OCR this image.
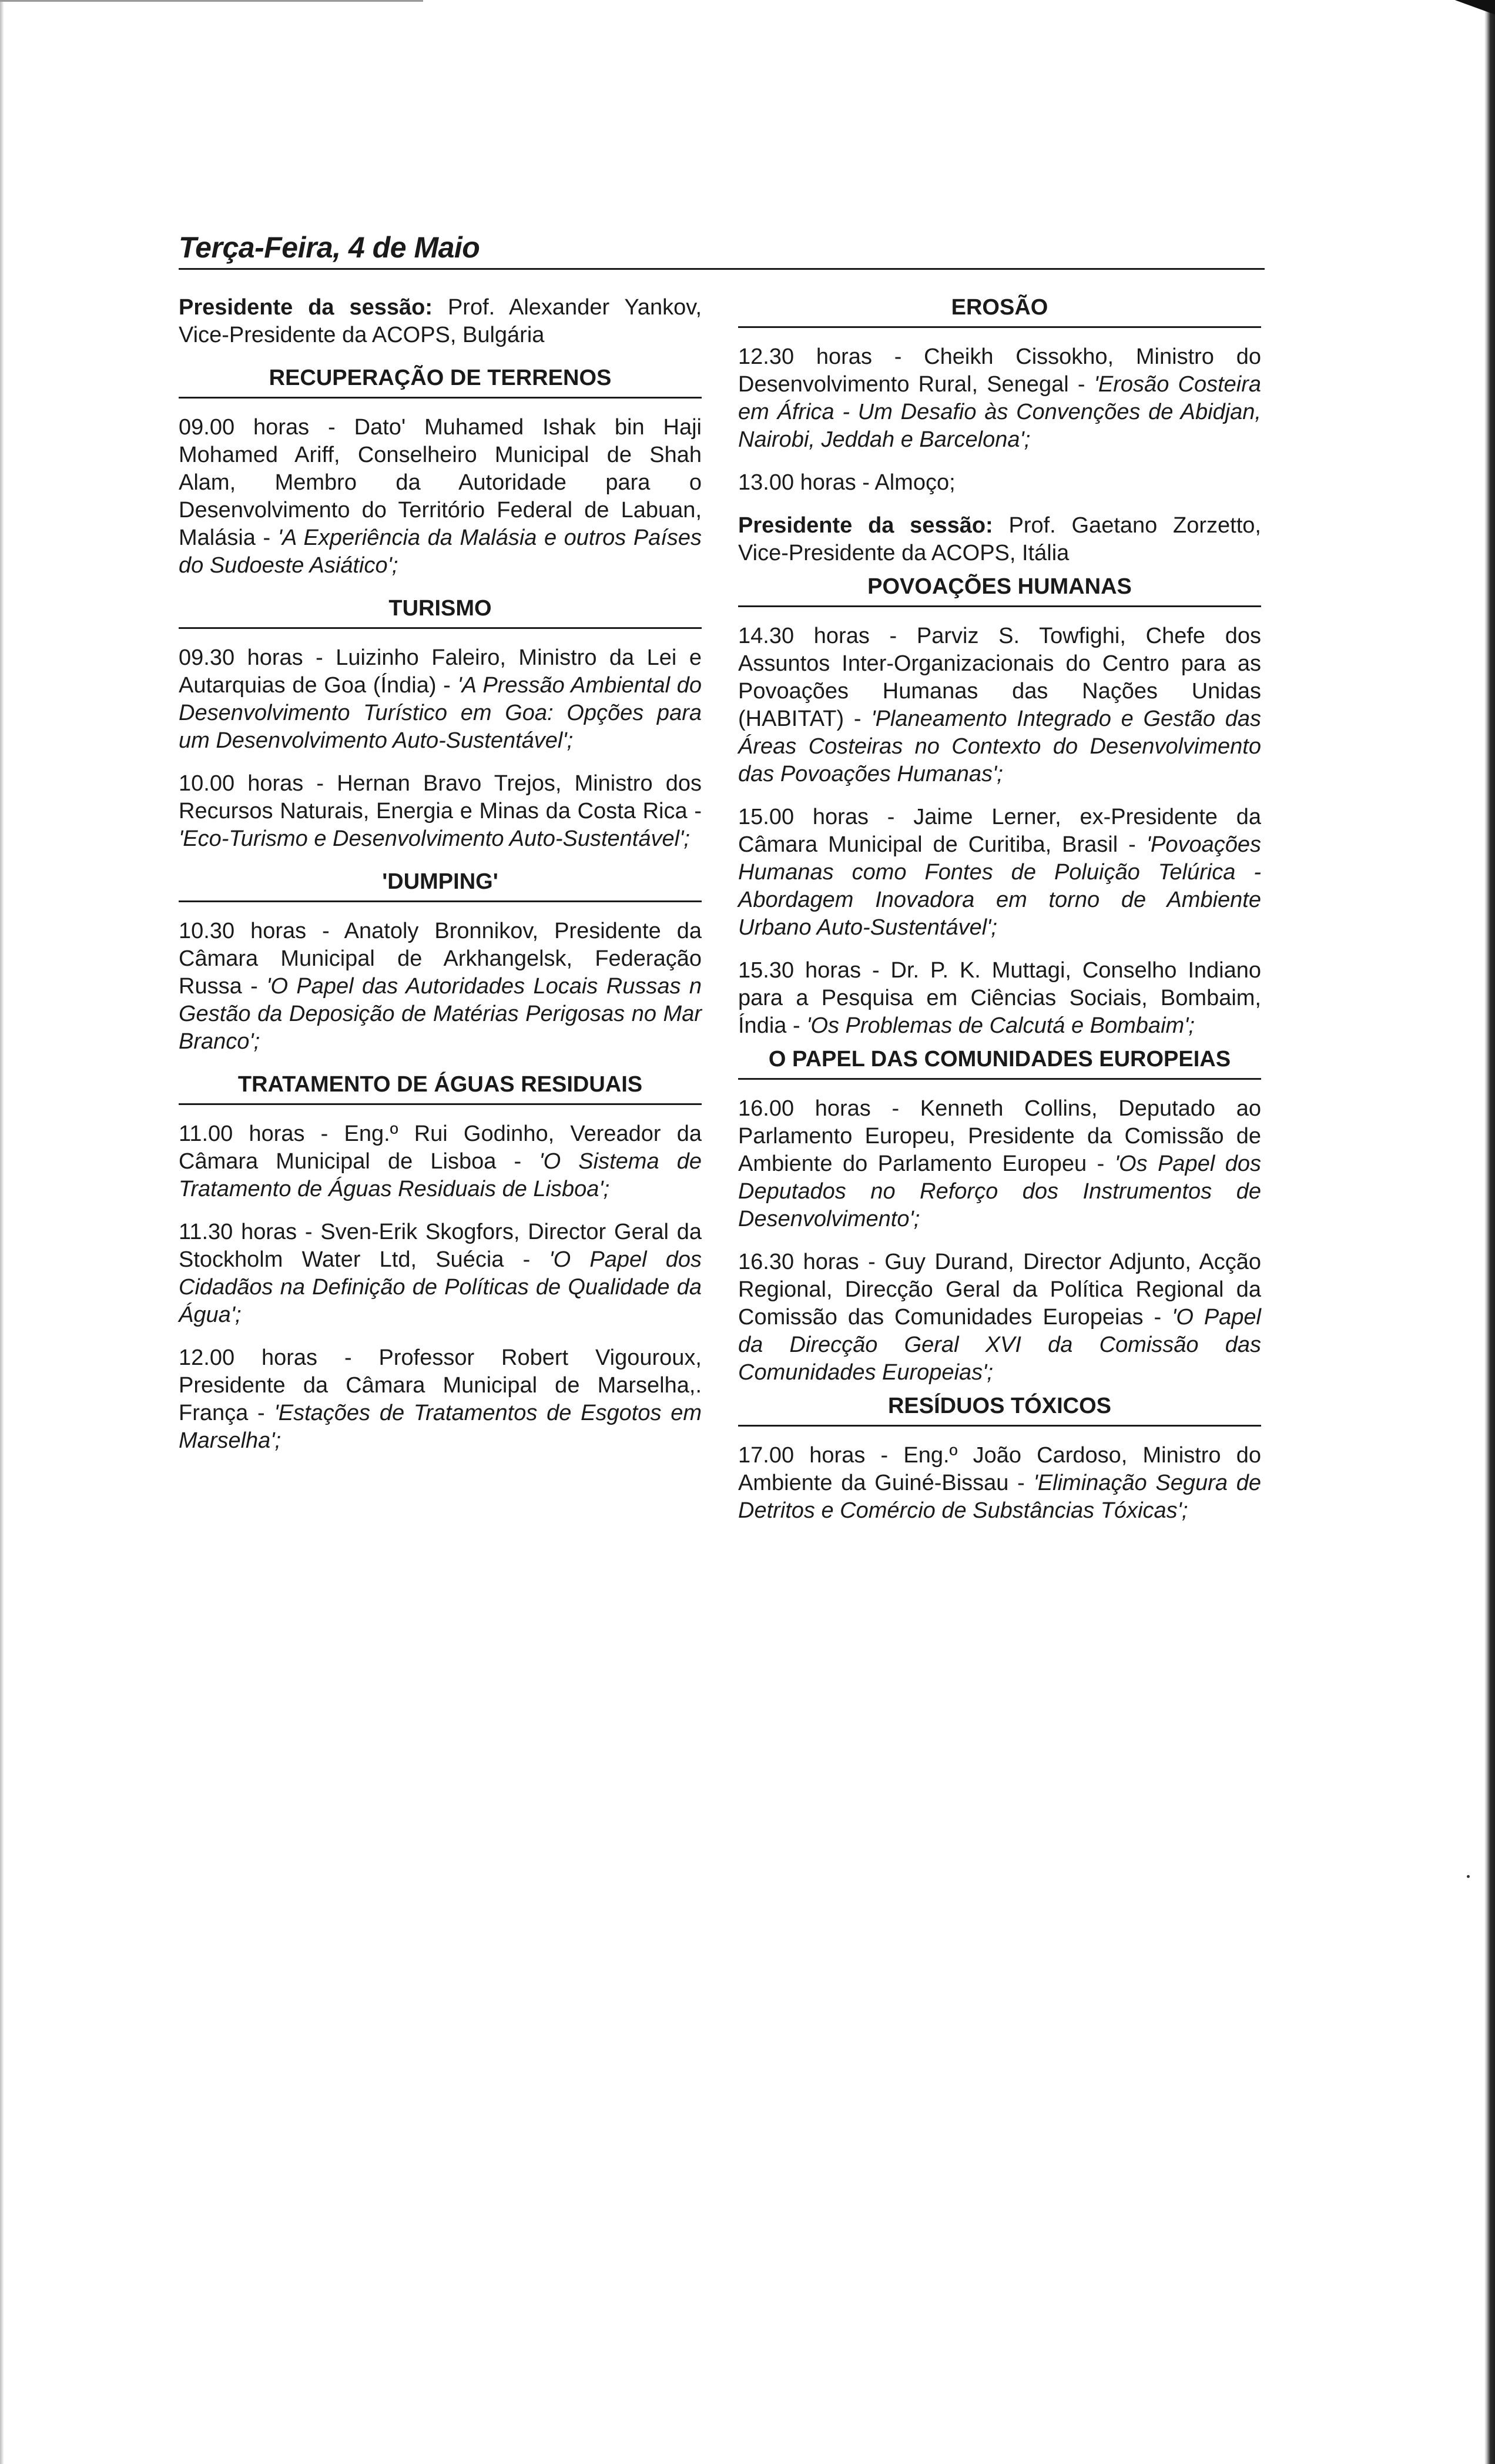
Terça-Feira, 4 de Maio

Presidente da sessão: Prof. Alexander Yankov, Vice-Presidente da ACOPS, Bulgária

RECUPERAÇÃO DE TERRENOS

09.00 horas - Dato' Muhamed Ishak bin Haji Mohamed Ariff, Conselheiro Municipal de Shah Alam, Membro da Autoridade para o Desenvolvimento do Território Federal de Labuan, Malásia - 'A Experiência da Malásia e outros Países do Sudoeste Asiático';

TURISMO

09.30 horas - Luizinho Faleiro, Ministro da Lei e Autarquias de Goa (Índia) - 'A Pressão Ambiental do Desenvolvimento Turístico em Goa: Opções para um Desenvolvimento Auto-Sustentável';

10.00 horas - Hernan Bravo Trejos, Ministro dos Recursos Naturais, Energia e Minas da Costa Rica - 'Eco-Turismo e Desenvolvimento Auto-Sustentável';

'DUMPING'

10.30 horas - Anatoly Bronnikov, Presidente da Câmara Municipal de Arkhangelsk, Federação Russa - 'O Papel das Autoridades Locais Russas n Gestão da Deposição de Matérias Perigosas no Mar Branco';

TRATAMENTO DE ÁGUAS RESIDUAIS

11.00 horas - Eng.º Rui Godinho, Vereador da Câmara Municipal de Lisboa - 'O Sistema de Tratamento de Águas Residuais de Lisboa';

11.30 horas - Sven-Erik Skogfors, Director Geral da Stockholm Water Ltd, Suécia - 'O Papel dos Cidadãos na Definição de Políticas de Qualidade da Água';

12.00 horas - Professor Robert Vigouroux, Presidente da Câmara Municipal de Marselha,. França - 'Estações de Tratamentos de Esgotos em Marselha';

EROSÃO

12.30 horas - Cheikh Cissokho, Ministro do Desenvolvimento Rural, Senegal - 'Erosão Costeira em África - Um Desafio às Convenções de Abidjan, Nairobi, Jeddah e Barcelona';

13.00 horas - Almoço;

Presidente da sessão: Prof. Gaetano Zorzetto, Vice-Presidente da ACOPS, Itália

POVOAÇÕES HUMANAS

14.30 horas - Parviz S. Towfighi, Chefe dos Assuntos Inter-Organizacionais do Centro para as Povoações Humanas das Nações Unidas (HABITAT) - 'Planeamento Integrado e Gestão das Áreas Costeiras no Contexto do Desenvolvimento das Povoações Humanas';

15.00 horas - Jaime Lerner, ex-Presidente da Câmara Municipal de Curitiba, Brasil - 'Povoações Humanas como Fontes de Poluição Telúrica - Abordagem Inovadora em torno de Ambiente Urbano Auto-Sustentável';

15.30 horas - Dr. P. K. Muttagi, Conselho Indiano para a Pesquisa em Ciências Sociais, Bombaim, Índia - 'Os Problemas de Calcutá e Bombaim';

O PAPEL DAS COMUNIDADES EUROPEIAS

16.00 horas - Kenneth Collins, Deputado ao Parlamento Europeu, Presidente da Comissão de Ambiente do Parlamento Europeu - 'Os Papel dos Deputados no Reforço dos Instrumentos de Desenvolvimento';

16.30 horas - Guy Durand, Director Adjunto, Acção Regional, Direcção Geral da Política Regional da Comissão das Comunidades Europeias - 'O Papel da Direcção Geral XVI da Comissão das Comunidades Europeias';

RESÍDUOS TÓXICOS

17.00 horas - Eng.º João Cardoso, Ministro do Ambiente da Guiné-Bissau - 'Eliminação Segura de Detritos e Comércio de Substâncias Tóxicas';
